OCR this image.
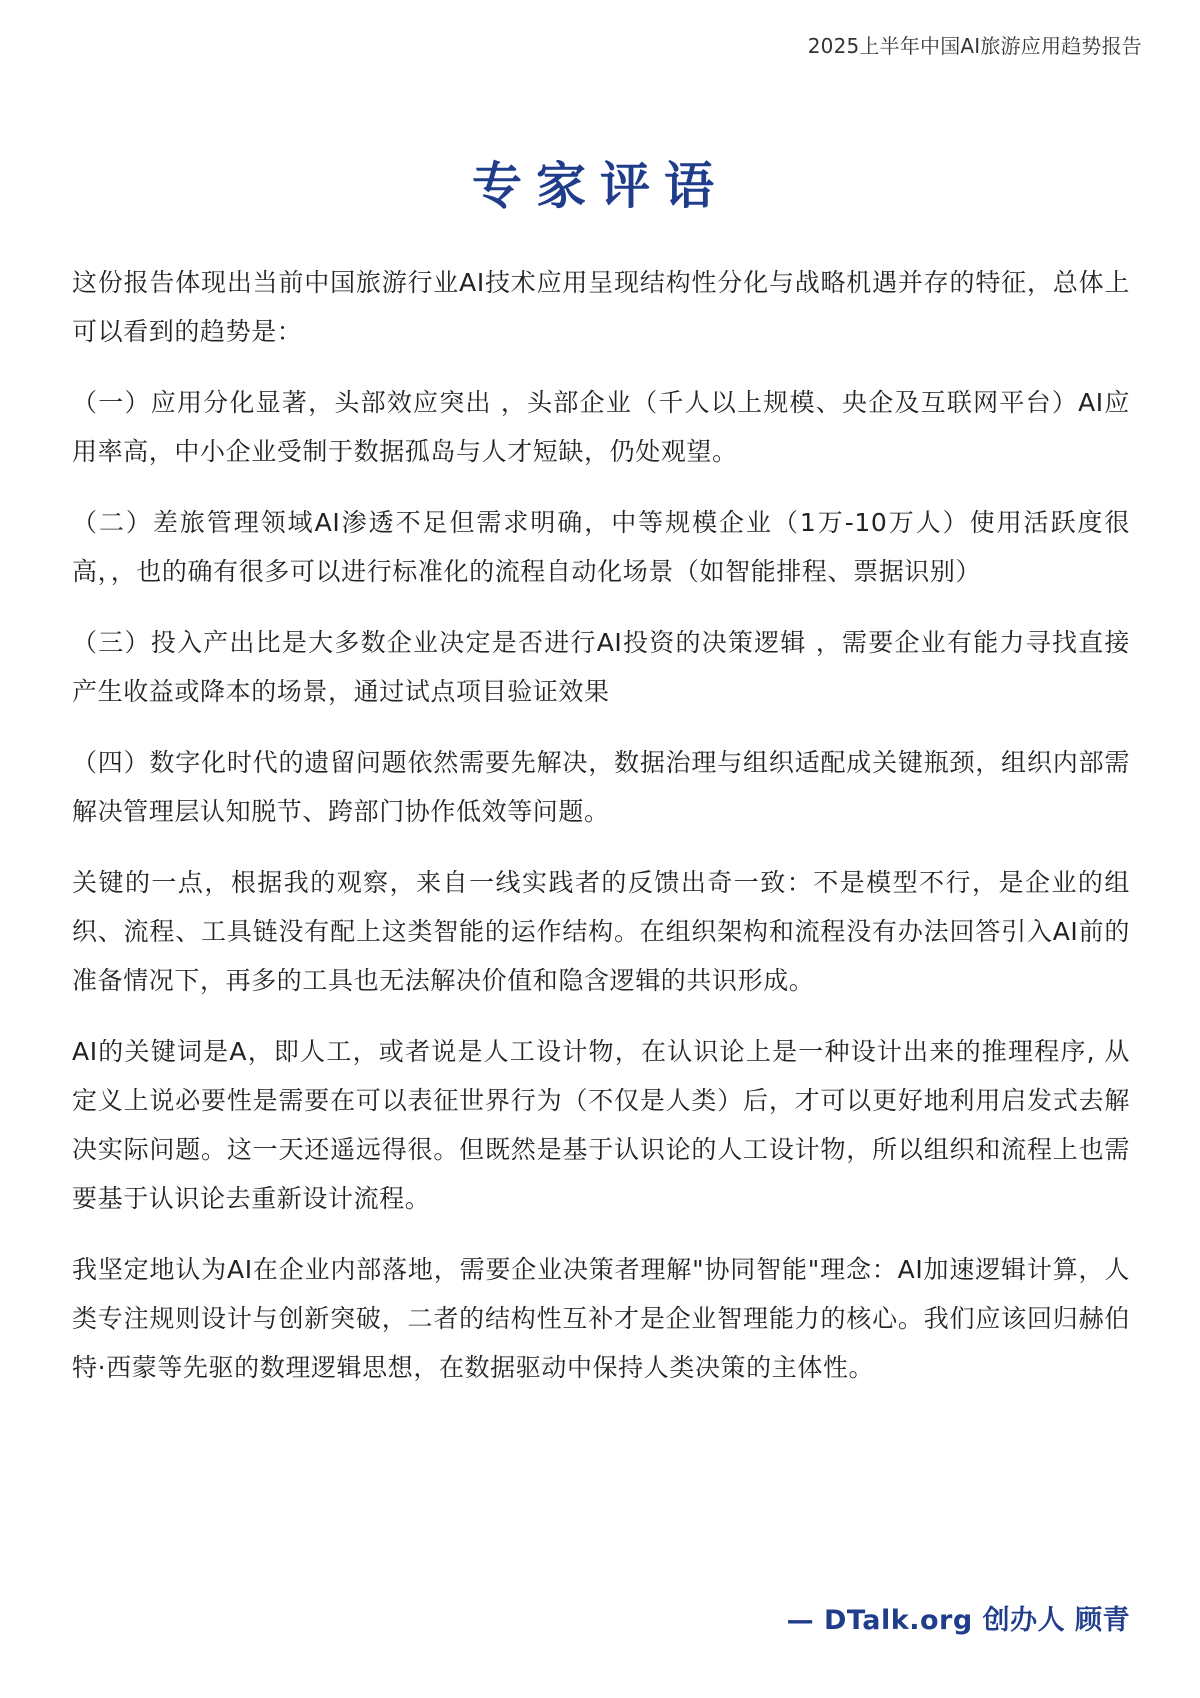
2025上半年中国AI旅游应用趋势报告
专家评语

这份报告体现出当前中国旅游行业AI技术应用呈现结构性分化与战略机遇并存的特征，总体上可以看到的趋势是：

（一）应用分化显著，头部效应突出 ，头部企业（千人以上规模、央企及互联网平台）AI应用率高，中小企业受制于数据孤岛与人才短缺，仍处观望。

（二）差旅管理领域AI渗透不足但需求明确，中等规模企业（1万-10万人）使用活跃度很高，，也的确有很多可以进行标准化的流程自动化场景（如智能排程、票据识别）

（三）投入产出比是大多数企业决定是否进行AI投资的决策逻辑 ，需要企业有能力寻找直接产生收益或降本的场景，通过试点项目验证效果

（四）数字化时代的遗留问题依然需要先解决，数据治理与组织适配成关键瓶颈，组织内部需解决管理层认知脱节、跨部门协作低效等问题。

关键的一点，根据我的观察，来自一线实践者的反馈出奇一致：不是模型不行，是企业的组织、流程、工具链没有配上这类智能的运作结构。在组织架构和流程没有办法回答引入AI前的准备情况下，再多的工具也无法解决价值和隐含逻辑的共识形成。

AI的关键词是A，即人工，或者说是人工设计物，在认识论上是一种设计出来的推理程序, 从定义上说必要性是需要在可以表征世界行为（不仅是人类）后，才可以更好地利用启发式去解决实际问题。这一天还遥远得很。但既然是基于认识论的人工设计物，所以组织和流程上也需要基于认识论去重新设计流程。

我坚定地认为AI在企业内部落地，需要企业决策者理解"协同智能"理念：AI加速逻辑计算，人类专注规则设计与创新突破，二者的结构性互补才是企业智理能力的核心。我们应该回归赫伯特·西蒙等先驱的数理逻辑思想，在数据驱动中保持人类决策的主体性。

— DTalk.org 创办人 顾青
